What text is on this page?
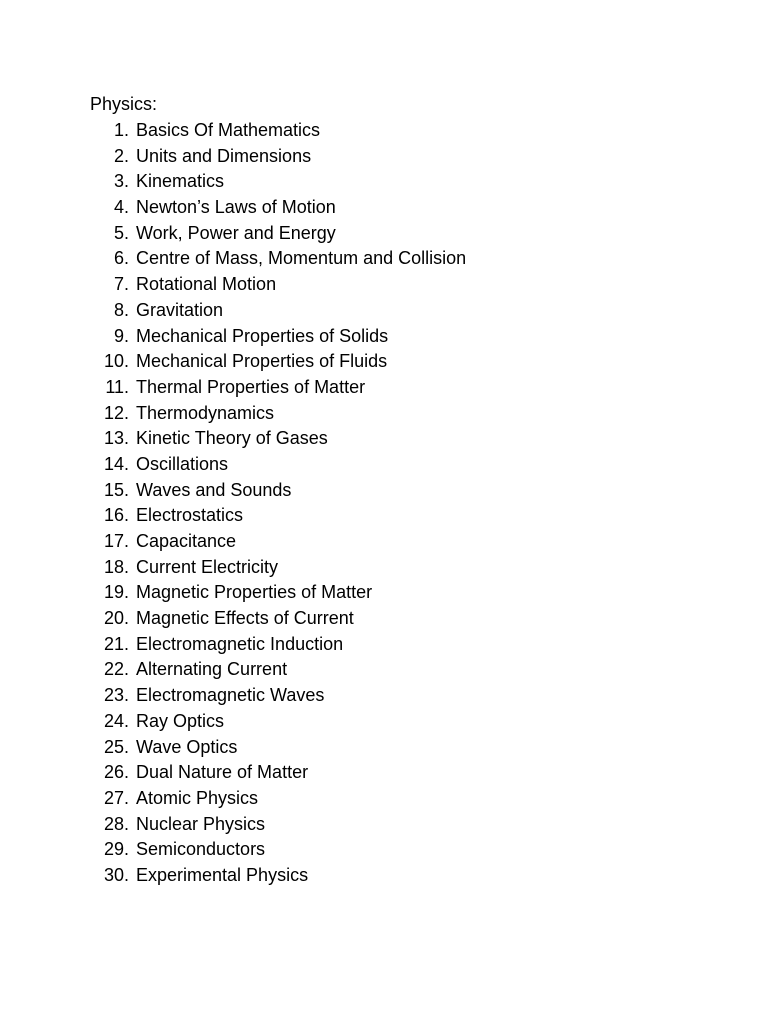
Physics:

1. Basics Of Mathematics
2. Units and Dimensions
3. Kinematics
4. Newton’s Laws of Motion
5. Work, Power and Energy
6. Centre of Mass, Momentum and Collision
7. Rotational Motion
8. Gravitation
9. Mechanical Properties of Solids
10. Mechanical Properties of Fluids
11. Thermal Properties of Matter
12. Thermodynamics
13. Kinetic Theory of Gases
14. Oscillations
15. Waves and Sounds
16. Electrostatics
17. Capacitance
18. Current Electricity
19. Magnetic Properties of Matter
20. Magnetic Effects of Current
21. Electromagnetic Induction
22. Alternating Current
23. Electromagnetic Waves
24. Ray Optics
25. Wave Optics
26. Dual Nature of Matter
27. Atomic Physics
28. Nuclear Physics
29. Semiconductors
30. Experimental Physics
